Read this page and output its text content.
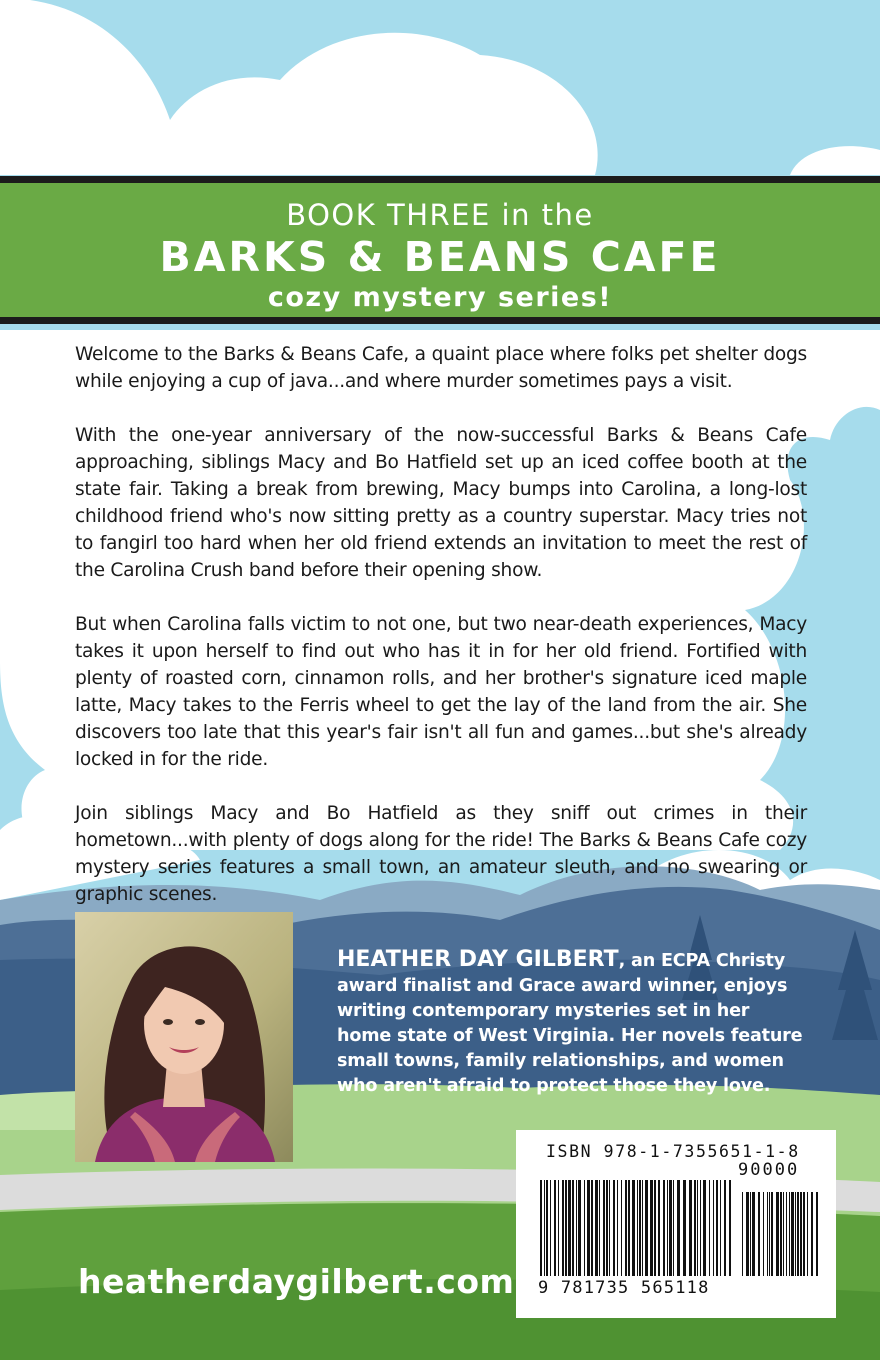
BOOK THREE in the
BARKS & BEANS CAFE
cozy mystery series!

Welcome to the Barks & Beans Cafe, a quaint place where folks pet shelter dogs while enjoying a cup of java...and where murder sometimes pays a visit.

With the one-year anniversary of the now-successful Barks & Beans Cafe approaching, siblings Macy and Bo Hatfield set up an iced coffee booth at the state fair. Taking a break from brewing, Macy bumps into Carolina, a long-lost childhood friend who's now sitting pretty as a country superstar. Macy tries not to fangirl too hard when her old friend extends an invitation to meet the rest of the Carolina Crush band before their opening show.

But when Carolina falls victim to not one, but two near-death experiences, Macy takes it upon herself to find out who has it in for her old friend. Fortified with plenty of roasted corn, cinnamon rolls, and her brother's signature iced maple latte, Macy takes to the Ferris wheel to get the lay of the land from the air. She discovers too late that this year's fair isn't all fun and games...but she's already locked in for the ride.

Join siblings Macy and Bo Hatfield as they sniff out crimes in their hometown...with plenty of dogs along for the ride! The Barks & Beans Cafe cozy mystery series features a small town, an amateur sleuth, and no swearing or graphic scenes.

HEATHER DAY GILBERT, an ECPA Christy award finalist and Grace award winner, enjoys writing contemporary mysteries set in her home state of West Virginia. Her novels feature small towns, family relationships, and women who aren't afraid to protect those they love.
heatherdaygilbert.com
ISBN 978-1-7355651-1-8
90000
9 781735 565118
